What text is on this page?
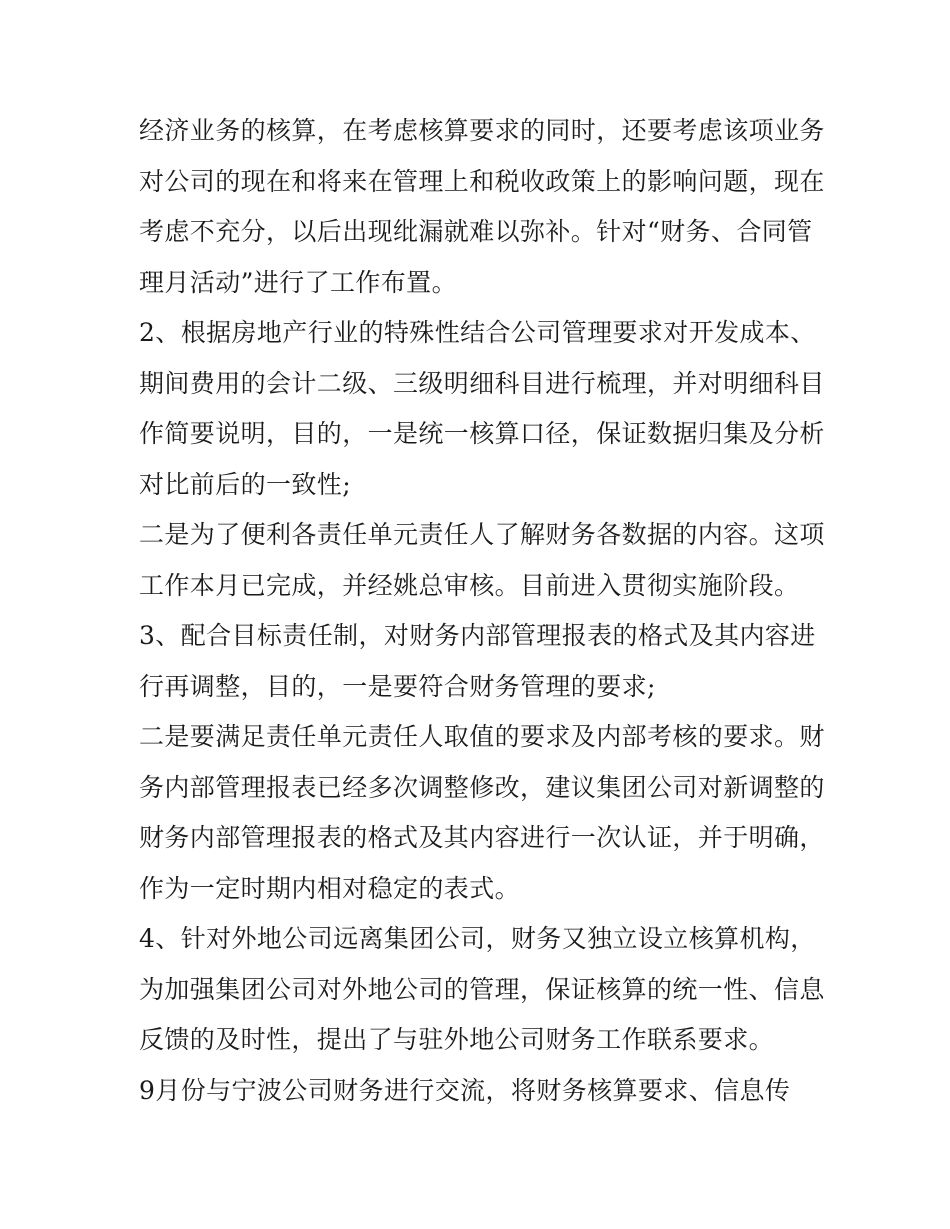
经济业务的核算，在考虑核算要求的同时，还要考虑该项业务
对公司的现在和将来在管理上和税收政策上的影响问题，现在
考虑不充分，以后出现纰漏就难以弥补。针对“财务、合同管
理月活动”进行了工作布置。
2、根据房地产行业的特殊性结合公司管理要求对开发成本、
期间费用的会计二级、三级明细科目进行梳理，并对明细科目
作简要说明，目的，一是统一核算口径，保证数据归集及分析
对比前后的一致性;
二是为了便利各责任单元责任人了解财务各数据的内容。这项
工作本月已完成，并经姚总审核。目前进入贯彻实施阶段。
3、配合目标责任制，对财务内部管理报表的格式及其内容进
行再调整，目的，一是要符合财务管理的要求;
二是要满足责任单元责任人取值的要求及内部考核的要求。财
务内部管理报表已经多次调整修改，建议集团公司对新调整的
财务内部管理报表的格式及其内容进行一次认证，并于明确，
作为一定时期内相对稳定的表式。
4、针对外地公司远离集团公司，财务又独立设立核算机构，
为加强集团公司对外地公司的管理，保证核算的统一性、信息
反馈的及时性，提出了与驻外地公司财务工作联系要求。
9月份与宁波公司财务进行交流，将财务核算要求、信息传
